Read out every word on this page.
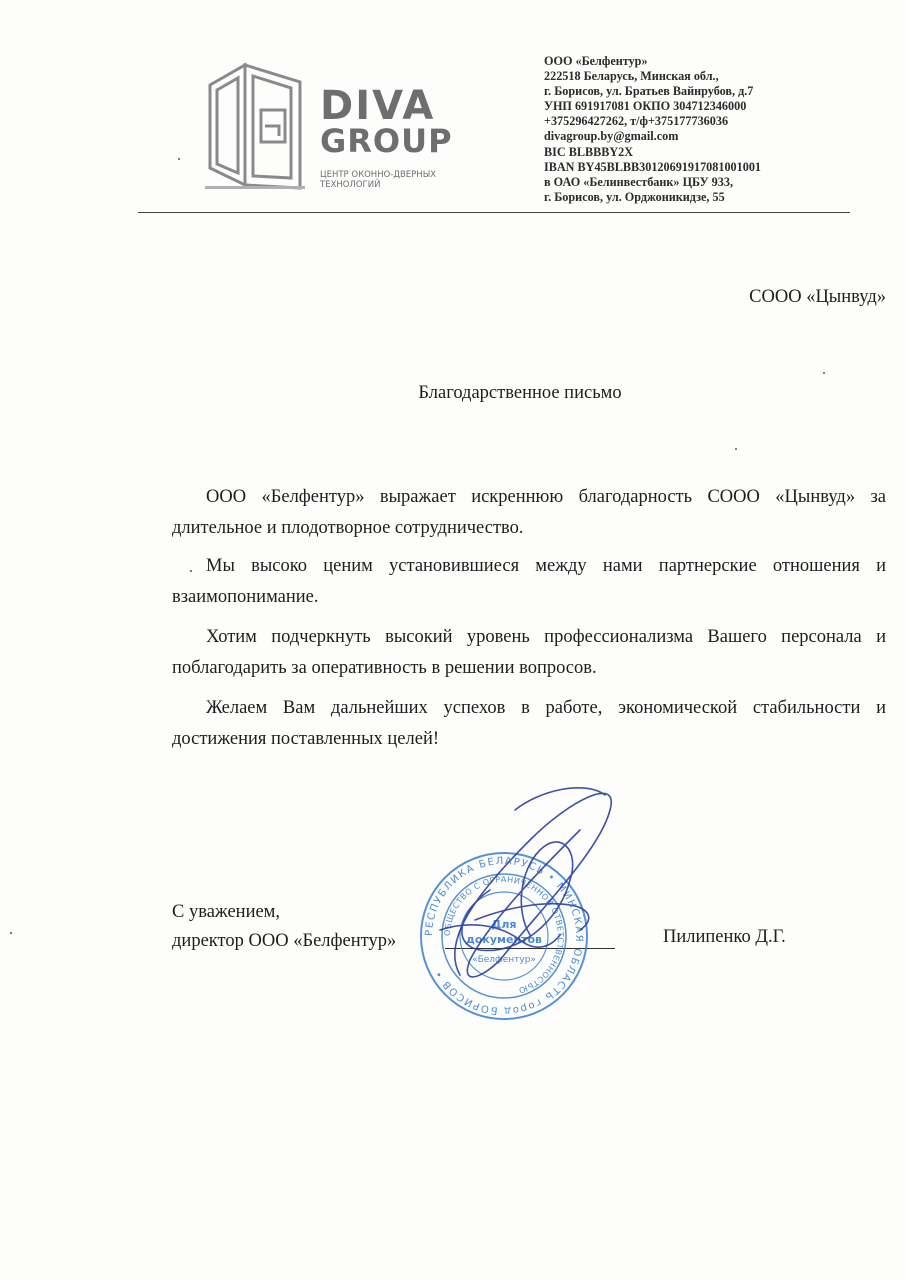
DIVA
GROUP
ЦЕНТР ОКОННО-ДВЕРНЫХ ТЕХНОЛОГИЙ
ООО «Белфентур»
222518 Беларусь, Минская обл.,
г. Борисов, ул. Братьев Вайнрубов, д.7
УНП 691917081 ОКПО 304712346000
+375296427262, т/ф+375177736036
divagroup.by@gmail.com
BIC BLBBBY2X
IBAN BY45BLBB30120691917081001001
в ОАО «Белинвестбанк» ЦБУ 933,
г. Борисов, ул. Орджоникидзе, 55
СООО «Цынвуд»
Благодарственное письмо
ООО «Белфентур» выражает искреннюю благодарность СООО «Цынвуд» за длительное и плодотворное сотрудничество.
Мы высоко ценим установившиеся между нами партнерские отношения и взаимопонимание.
Хотим подчеркнуть высокий уровень профессионализма Вашего персонала и поблагодарить за оперативность в решении вопросов.
Желаем Вам дальнейших успехов в работе, экономической стабильности и достижения поставленных целей!
С уважением,
директор ООО «Белфентур»	Пилипенко Д.Г.
РЕСПУБЛИКА БЕЛАРУСЬ • МИНСКАЯ ОБЛАСТЬ город БОРИСОВ •
ОБЩЕСТВО С ОГРАНИЧЕННОЙ ОТВЕТСТВЕННОСТЬЮ
Для
документов
«Белфентур»
